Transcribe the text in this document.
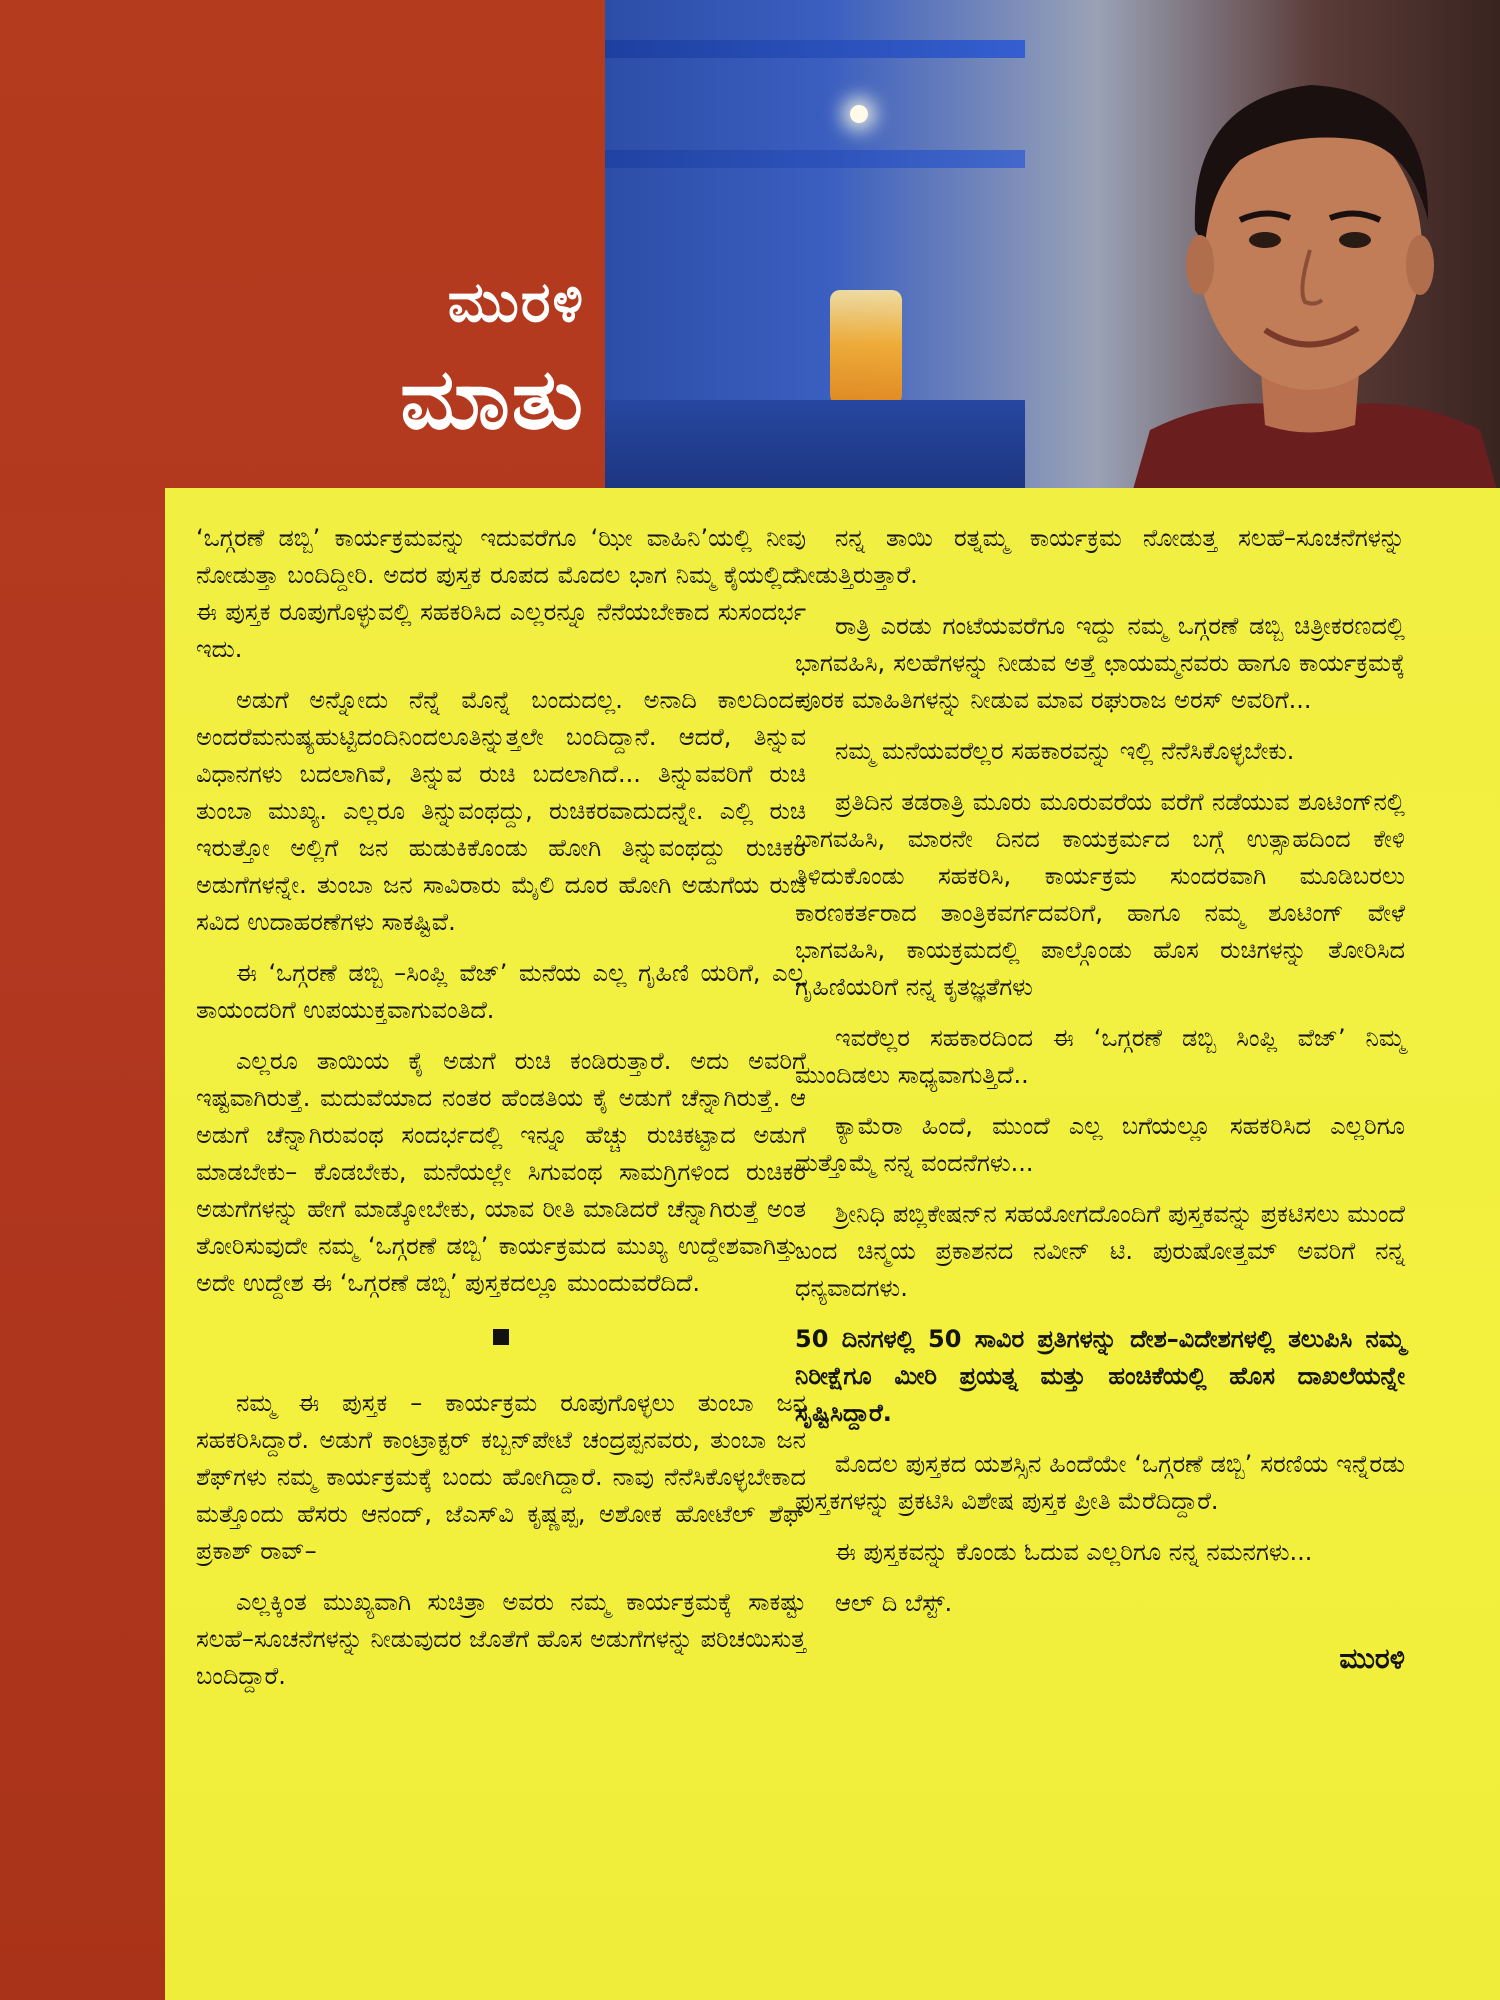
ಮುರಳಿ
ಮಾತು

‘ಒಗ್ಗರಣೆ ಡಬ್ಬಿ’ ಕಾರ್ಯಕ್ರಮವನ್ನು ಇದುವರೆಗೂ ‘ಝೀ ವಾಹಿನಿ’ಯಲ್ಲಿ ನೀವು ನೋಡುತ್ತಾ ಬಂದಿದ್ದೀರಿ. ಅದರ ಪುಸ್ತಕ ರೂಪದ ಮೊದಲ ಭಾಗ ನಿಮ್ಮ ಕೈಯಲ್ಲಿದೆ. ಈ ಪುಸ್ತಕ ರೂಪುಗೊಳ್ಳುವಲ್ಲಿ ಸಹಕರಿಸಿದ ಎಲ್ಲರನ್ನೂ ನೆನೆಯಬೇಕಾದ ಸುಸಂದರ್ಭ ಇದು.

ಅಡುಗೆ ಅನ್ನೋದು ನೆನ್ನೆ ಮೊನ್ನೆ ಬಂದುದಲ್ಲ. ಅನಾದಿ ಕಾಲದಿಂದ–ಅಂದರೆಮನುಷ್ಯಹುಟ್ಟಿದಂದಿನಿಂದಲೂತಿನ್ನುತ್ತಲೇ ಬಂದಿದ್ದಾನೆ. ಆದರೆ, ತಿನ್ನುವ ವಿಧಾನಗಳು ಬದಲಾಗಿವೆ, ತಿನ್ನುವ ರುಚಿ ಬದಲಾಗಿದೆ... ತಿನ್ನುವವರಿಗೆ ರುಚಿ ತುಂಬಾ ಮುಖ್ಯ. ಎಲ್ಲರೂ ತಿನ್ನುವಂಥದ್ದು, ರುಚಿಕರವಾದುದನ್ನೇ. ಎಲ್ಲಿ ರುಚಿ ಇರುತ್ತೋ ಅಲ್ಲಿಗೆ ಜನ ಹುಡುಕಿಕೊಂಡು ಹೋಗಿ ತಿನ್ನುವಂಥದ್ದು ರುಚಿಕರ ಅಡುಗೆಗಳನ್ನೇ. ತುಂಬಾ ಜನ ಸಾವಿರಾರು ಮೈಲಿ ದೂರ ಹೋಗಿ ಅಡುಗೆಯ ರುಚಿ ಸವಿದ ಉದಾಹರಣೆಗಳು ಸಾಕಷ್ಟಿವೆ.

ಈ ‘ಒಗ್ಗರಣೆ ಡಬ್ಬಿ –ಸಿಂಪ್ಲಿ ವೆಜ್’ ಮನೆಯ ಎಲ್ಲ ಗೃಹಿಣಿ ಯರಿಗೆ, ಎಲ್ಲ ತಾಯಂದರಿಗೆ ಉಪಯುಕ್ತವಾಗುವಂತಿದೆ.

ಎಲ್ಲರೂ ತಾಯಿಯ ಕೈ ಅಡುಗೆ ರುಚಿ ಕಂಡಿರುತ್ತಾರೆ. ಅದು ಅವರಿಗೆ ಇಷ್ಟವಾಗಿರುತ್ತೆ. ಮದುವೆಯಾದ ನಂತರ ಹೆಂಡತಿಯ ಕೈ ಅಡುಗೆ ಚೆನ್ನಾಗಿರುತ್ತೆ. ಆ ಅಡುಗೆ ಚೆನ್ನಾಗಿರುವಂಥ ಸಂದರ್ಭದಲ್ಲಿ ಇನ್ನೂ ಹೆಚ್ಚು ರುಚಿಕಟ್ಟಾದ ಅಡುಗೆ ಮಾಡಬೇಕು– ಕೊಡಬೇಕು, ಮನೆಯಲ್ಲೇ ಸಿಗುವಂಥ ಸಾಮಗ್ರಿಗಳಿಂದ ರುಚಿಕರ ಅಡುಗೆಗಳನ್ನು ಹೇಗೆ ಮಾಡ್ಕೋಬೇಕು, ಯಾವ ರೀತಿ ಮಾಡಿದರೆ ಚೆನ್ನಾಗಿರುತ್ತೆ ಅಂತ ತೋರಿಸುವುದೇ ನಮ್ಮ ‘ಒಗ್ಗರಣೆ ಡಬ್ಬಿ’ ಕಾರ್ಯಕ್ರಮದ ಮುಖ್ಯ ಉದ್ದೇಶವಾಗಿತ್ತು. ಅದೇ ಉದ್ದೇಶ ಈ ‘ಒಗ್ಗರಣೆ ಡಬ್ಬಿ’ ಪುಸ್ತಕದಲ್ಲೂ ಮುಂದುವರೆದಿದೆ.

ನಮ್ಮ ಈ ಪುಸ್ತಕ – ಕಾರ್ಯಕ್ರಮ ರೂಪುಗೊಳ್ಳಲು ತುಂಬಾ ಜನ ಸಹಕರಿಸಿದ್ದಾರೆ. ಅಡುಗೆ ಕಾಂಟ್ರಾಕ್ಟರ್ ಕಬ್ಬನ್‌ಪೇಟೆ ಚಂದ್ರಪ್ಪನವರು, ತುಂಬಾ ಜನ ಶೆಫ್‌ಗಳು ನಮ್ಮ ಕಾರ್ಯಕ್ರಮಕ್ಕೆ ಬಂದು ಹೋಗಿದ್ದಾರೆ. ನಾವು ನೆನೆಸಿಕೊಳ್ಳಬೇಕಾದ ಮತ್ತೊಂದು ಹೆಸರು ಆನಂದ್, ಜೆಎಸ್‌ವಿ ಕೃಷ್ಣಪ್ಪ, ಅಶೋಕ ಹೋಟೆಲ್ ಶೆಫ್ ಪ್ರಕಾಶ್ ರಾವ್–

ಎಲ್ಲಕ್ಕಿಂತ ಮುಖ್ಯವಾಗಿ ಸುಚಿತ್ರಾ ಅವರು ನಮ್ಮ ಕಾರ್ಯಕ್ರಮಕ್ಕೆ ಸಾಕಷ್ಟು ಸಲಹೆ–ಸೂಚನೆಗಳನ್ನು ನೀಡುವುದರ ಜೊತೆಗೆ ಹೊಸ ಅಡುಗೆಗಳನ್ನು ಪರಿಚಯಿಸುತ್ತ ಬಂದಿದ್ದಾರೆ.

ನನ್ನ ತಾಯಿ ರತ್ನಮ್ಮ ಕಾರ್ಯಕ್ರಮ ನೋಡುತ್ತ ಸಲಹೆ–ಸೂಚನೆಗಳನ್ನು ನೀಡುತ್ತಿರುತ್ತಾರೆ.

ರಾತ್ರಿ ಎರಡು ಗಂಟೆಯವರೆಗೂ ಇದ್ದು ನಮ್ಮ ಒಗ್ಗರಣೆ ಡಬ್ಬಿ ಚಿತ್ರೀಕರಣದಲ್ಲಿ ಭಾಗವಹಿಸಿ, ಸಲಹೆಗಳನ್ನು ನೀಡುವ ಅತ್ತೆ ಛಾಯಮ್ಮನವರು ಹಾಗೂ ಕಾರ್ಯಕ್ರಮಕ್ಕೆ ಪೂರಕ ಮಾಹಿತಿಗಳನ್ನು ನೀಡುವ ಮಾವ ರಘುರಾಜ ಅರಸ್ ಅವರಿಗೆ...

ನಮ್ಮ ಮನೆಯವರೆಲ್ಲರ ಸಹಕಾರವನ್ನು ಇಲ್ಲಿ ನೆನೆಸಿಕೊಳ್ಳಬೇಕು.

ಪ್ರತಿದಿನ ತಡರಾತ್ರಿ ಮೂರು ಮೂರುವರೆಯ ವರೆಗೆ ನಡೆಯುವ ಶೂಟಿಂಗ್‌ನಲ್ಲಿ ಭಾಗವಹಿಸಿ, ಮಾರನೇ ದಿನದ ಕಾಯಕ್ರರ್ಮದ ಬಗ್ಗೆ ಉತ್ಸಾಹದಿಂದ ಕೇಳಿ ತಿಳಿದುಕೊಂಡು ಸಹಕರಿಸಿ, ಕಾರ್ಯಕ್ರಮ ಸುಂದರವಾಗಿ ಮೂಡಿಬರಲು ಕಾರಣಕರ್ತರಾದ ತಾಂತ್ರಿಕವರ್ಗದವರಿಗೆ, ಹಾಗೂ ನಮ್ಮ ಶೂಟಿಂಗ್ ವೇಳೆ ಭಾಗವಹಿಸಿ, ಕಾಯಕ್ರಮದಲ್ಲಿ ಪಾಲ್ಗೊಂಡು ಹೊಸ ರುಚಿಗಳನ್ನು ತೋರಿಸಿದ ಗೃಹಿಣಿಯರಿಗೆ ನನ್ನ ಕೃತಜ್ಞತೆಗಳು

ಇವರೆಲ್ಲರ ಸಹಕಾರದಿಂದ ಈ ‘ಒಗ್ಗರಣೆ ಡಬ್ಬಿ ಸಿಂಪ್ಲಿ ವೆಜ್’ ನಿಮ್ಮ ಮುಂದಿಡಲು ಸಾಧ್ಯವಾಗುತ್ತಿದೆ..

ಕ್ಯಾಮೆರಾ ಹಿಂದೆ, ಮುಂದೆ ಎಲ್ಲ ಬಗೆಯಲ್ಲೂ ಸಹಕರಿಸಿದ ಎಲ್ಲರಿಗೂ ಮತ್ತೊಮ್ಮೆ ನನ್ನ ವಂದನೆಗಳು...

ಶ್ರೀನಿಧಿ ಪಬ್ಲಿಕೇಷನ್‌ನ ಸಹಯೋಗದೊಂದಿಗೆ ಪುಸ್ತಕವನ್ನು ಪ್ರಕಟಿಸಲು ಮುಂದೆ ಬಂದ ಚಿನ್ಮಯ ಪ್ರಕಾಶನದ ನವೀನ್ ಟಿ. ಪುರುಷೋತ್ತಮ್ ಅವರಿಗೆ ನನ್ನ ಧನ್ಯವಾದಗಳು.

50 ದಿನಗಳಲ್ಲಿ 50 ಸಾವಿರ ಪ್ರತಿಗಳನ್ನು ದೇಶ–ವಿದೇಶಗಳಲ್ಲಿ ತಲುಪಿಸಿ ನಮ್ಮ ನಿರೀಕ್ಷೆಗೂ ಮೀರಿ ಪ್ರಯತ್ನ ಮತ್ತು ಹಂಚಿಕೆಯಲ್ಲಿ ಹೊಸ ದಾಖಲೆಯನ್ನೇ ಸೃಷ್ಟಿಸಿದ್ದಾರೆ.

ಮೊದಲ ಪುಸ್ತಕದ ಯಶಸ್ಸಿನ ಹಿಂದೆಯೇ ‘ಒಗ್ಗರಣೆ ಡಬ್ಬಿ’ ಸರಣಿಯ ಇನ್ನೆರಡು ಪುಸ್ತಕಗಳನ್ನು ಪ್ರಕಟಿಸಿ ವಿಶೇಷ ಪುಸ್ತಕ ಪ್ರೀತಿ ಮೆರೆದಿದ್ದಾರೆ.

ಈ ಪುಸ್ತಕವನ್ನು ಕೊಂಡು ಓದುವ ಎಲ್ಲರಿಗೂ ನನ್ನ ನಮನಗಳು...

ಆಲ್ ದಿ ಬೆಸ್ಟ್.

ಮುರಳಿ
